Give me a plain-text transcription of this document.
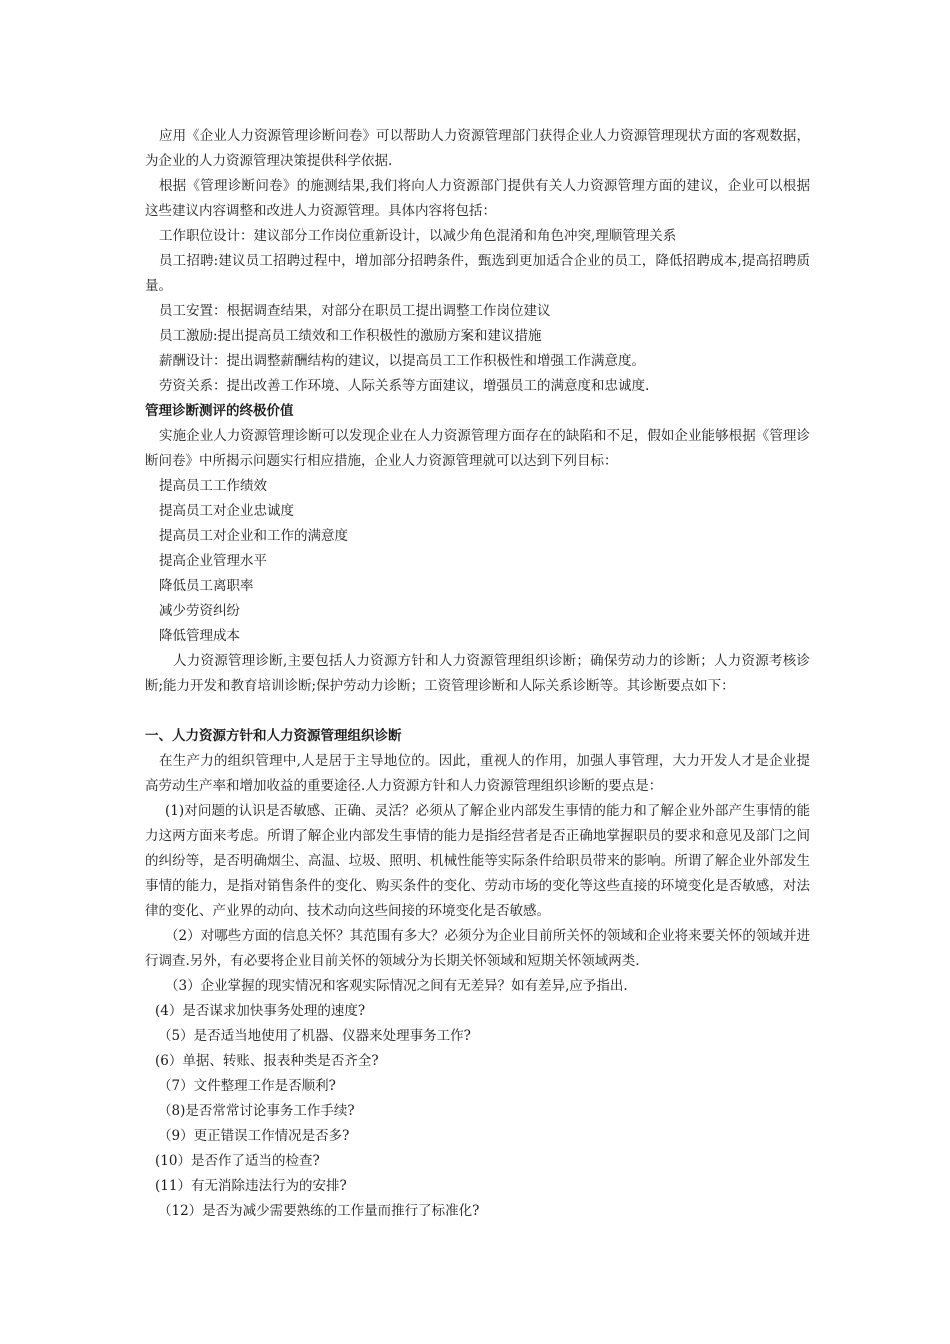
应用《企业人力资源管理诊断问卷》可以帮助人力资源管理部门获得企业人力资源管理现状方面的客观数据，为企业的人力资源管理决策提供科学依据.

根据《管理诊断问卷》的施测结果,我们将向人力资源部门提供有关人力资源管理方面的建议，企业可以根据这些建议内容调整和改进人力资源管理。具体内容将包括：

工作职位设计：建议部分工作岗位重新设计，以减少角色混淆和角色冲突,理顺管理关系

员工招聘:建议员工招聘过程中，增加部分招聘条件，甄选到更加适合企业的员工，降低招聘成本,提高招聘质量。

员工安置：根据调查结果，对部分在职员工提出调整工作岗位建议

员工激励:提出提高员工绩效和工作积极性的激励方案和建议措施

薪酬设计：提出调整薪酬结构的建议，以提高员工工作积极性和增强工作满意度。

劳资关系：提出改善工作环境、人际关系等方面建议，增强员工的满意度和忠诚度.

管理诊断测评的终极价值

实施企业人力资源管理诊断可以发现企业在人力资源管理方面存在的缺陷和不足，假如企业能够根据《管理诊断问卷》中所揭示问题实行相应措施，企业人力资源管理就可以达到下列目标：

提高员工工作绩效

提高员工对企业忠诚度

提高员工对企业和工作的满意度

提高企业管理水平

降低员工离职率

减少劳资纠纷

降低管理成本

人力资源管理诊断,主要包括人力资源方针和人力资源管理组织诊断；确保劳动力的诊断；人力资源考核诊断;能力开发和教育培训诊断;保护劳动力诊断；工资管理诊断和人际关系诊断等。其诊断要点如下：

一、人力资源方针和人力资源管理组织诊断

在生产力的组织管理中,人是居于主导地位的。因此，重视人的作用，加强人事管理，大力开发人才是企业提高劳动生产率和增加收益的重要途径.人力资源方针和人力资源管理组织诊断的要点是：

(1)对问题的认识是否敏感、正确、灵活？必须从了解企业内部发生事情的能力和了解企业外部产生事情的能力这两方面来考虑。所谓了解企业内部发生事情的能力是指经营者是否正确地掌握职员的要求和意见及部门之间的纠纷等，是否明确烟尘、高温、垃圾、照明、机械性能等实际条件给职员带来的影响。所谓了解企业外部发生事情的能力，是指对销售条件的变化、购买条件的变化、劳动市场的变化等这些直接的环境变化是否敏感，对法律的变化、产业界的动向、技术动向这些间接的环境变化是否敏感。

（2）对哪些方面的信息关怀？其范围有多大？必须分为企业目前所关怀的领域和企业将来要关怀的领域并进行调查.另外，有必要将企业目前关怀的领域分为长期关怀领域和短期关怀领域两类.

（3）企业掌握的现实情况和客观实际情况之间有无差异？如有差异,应予指出.

(4）是否谋求加快事务处理的速度?

（5）是否适当地使用了机器、仪器来处理事务工作?

(6）单据、转账、报表种类是否齐全?

（7）文件整理工作是否顺利?

（8)是否常常讨论事务工作手续?

（9）更正错误工作情况是否多?

(10）是否作了适当的检查?

(11）有无消除违法行为的安排?

（12）是否为减少需要熟练的工作量而推行了标准化?
